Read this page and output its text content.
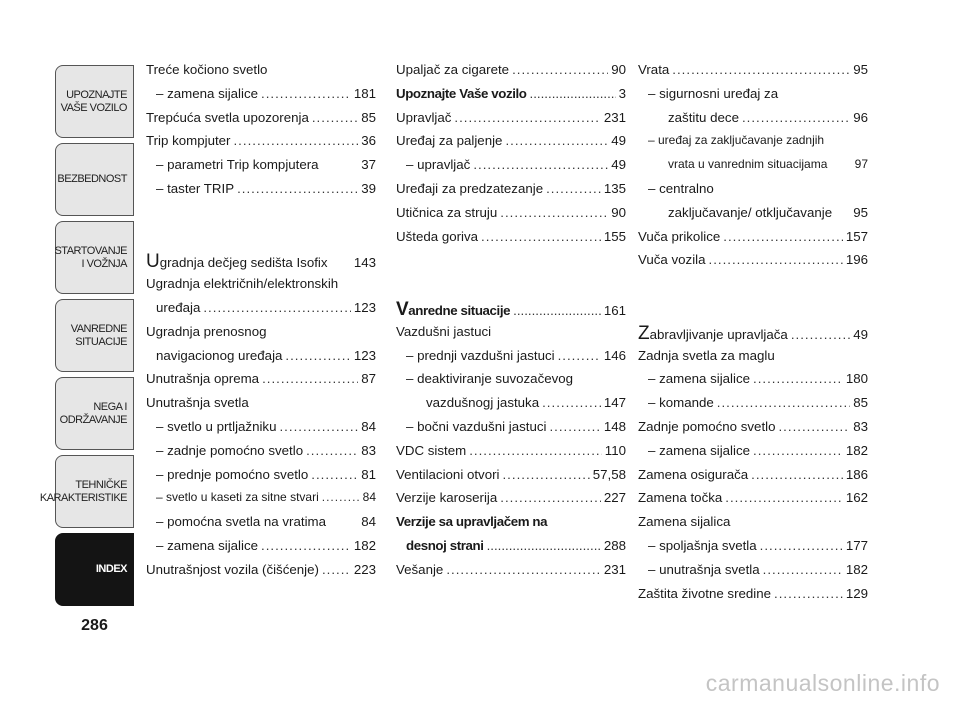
UPOZNAJTE
VAŠE VOZILO
BEZBEDNOST
STARTOVANJE
I VOŽNJA
VANREDNE
SITUACIJE
NEGA I
ODRŽAVANJE
TEHNIČKE
KARAKTERISTIKE
INDEX
286
Treće kočiono svetlo
– zamena sijalice .....	181
Trepćuća svetla upozorenja .....	85
Trip kompjuter .....	36
– parametri Trip kompjutera	37
– taster TRIP .....	39
Ugradnja dečjeg sedišta Isofix 143
Ugradnja električnih/elektronskih
uređaja .....	123
Ugradnja prenosnog
navigacionog uređaja .....	123
Unutrašnja oprema .....	87
Unutrašnja svetla
– svetlo u prtljažniku .....	84
– zadnje pomoćno svetlo .....	83
– prednje pomoćno svetlo .....	81
– svetlo u kaseti za sitne stvari .....	84
– pomoćna svetla na vratima	84
– zamena sijalice .....	182
Unutrašnjost vozila (čišćenje) .....	223
Upaljač za cigarete .....	90
Upoznajte Vaše vozilo .....	3
Upravljač .....	231
Uređaj za paljenje .....	49
– upravljač .....	49
Uređaji za predzatezanje .....	135
Utičnica za struju .....	90
Ušteda goriva .....	155
Vanredne situacije .....	161
Vazdušni jastuci
– prednji vazdušni jastuci .....	146
– deaktiviranje suvozačevog
vazdušnogj jastuka .....	147
– bočni vazdušni jastuci .....	148
VDC sistem .....	110
Ventilacioni otvori .....	57,58
Verzije karoserija .....	227
Verzije sa upravljačem na
desnoj strani .....	288
Vešanje .....	231
Vrata .....	95
– sigurnosni uređaj za
zaštitu dece .....	96
– uređaj za zaključavanje zadnjih
vrata u vanrednim situacijama 97
– centralno
zaključavanje/ otključavanje 95
Vuča prikolice .....	157
Vuča vozila .....	196
Zabravljivanje upravljača .....	49
Zadnja svetla za maglu
– zamena sijalice .....	180
– komande .....	85
Zadnje pomoćno svetlo .....	83
– zamena sijalice .....	182
Zamena osigurača .....	186
Zamena točka .....	162
Zamena sijalica
– spoljašnja svetla .....	177
– unutrašnja svetla .....	182
Zaštita životne sredine .....	129
carmanualsonline.info
